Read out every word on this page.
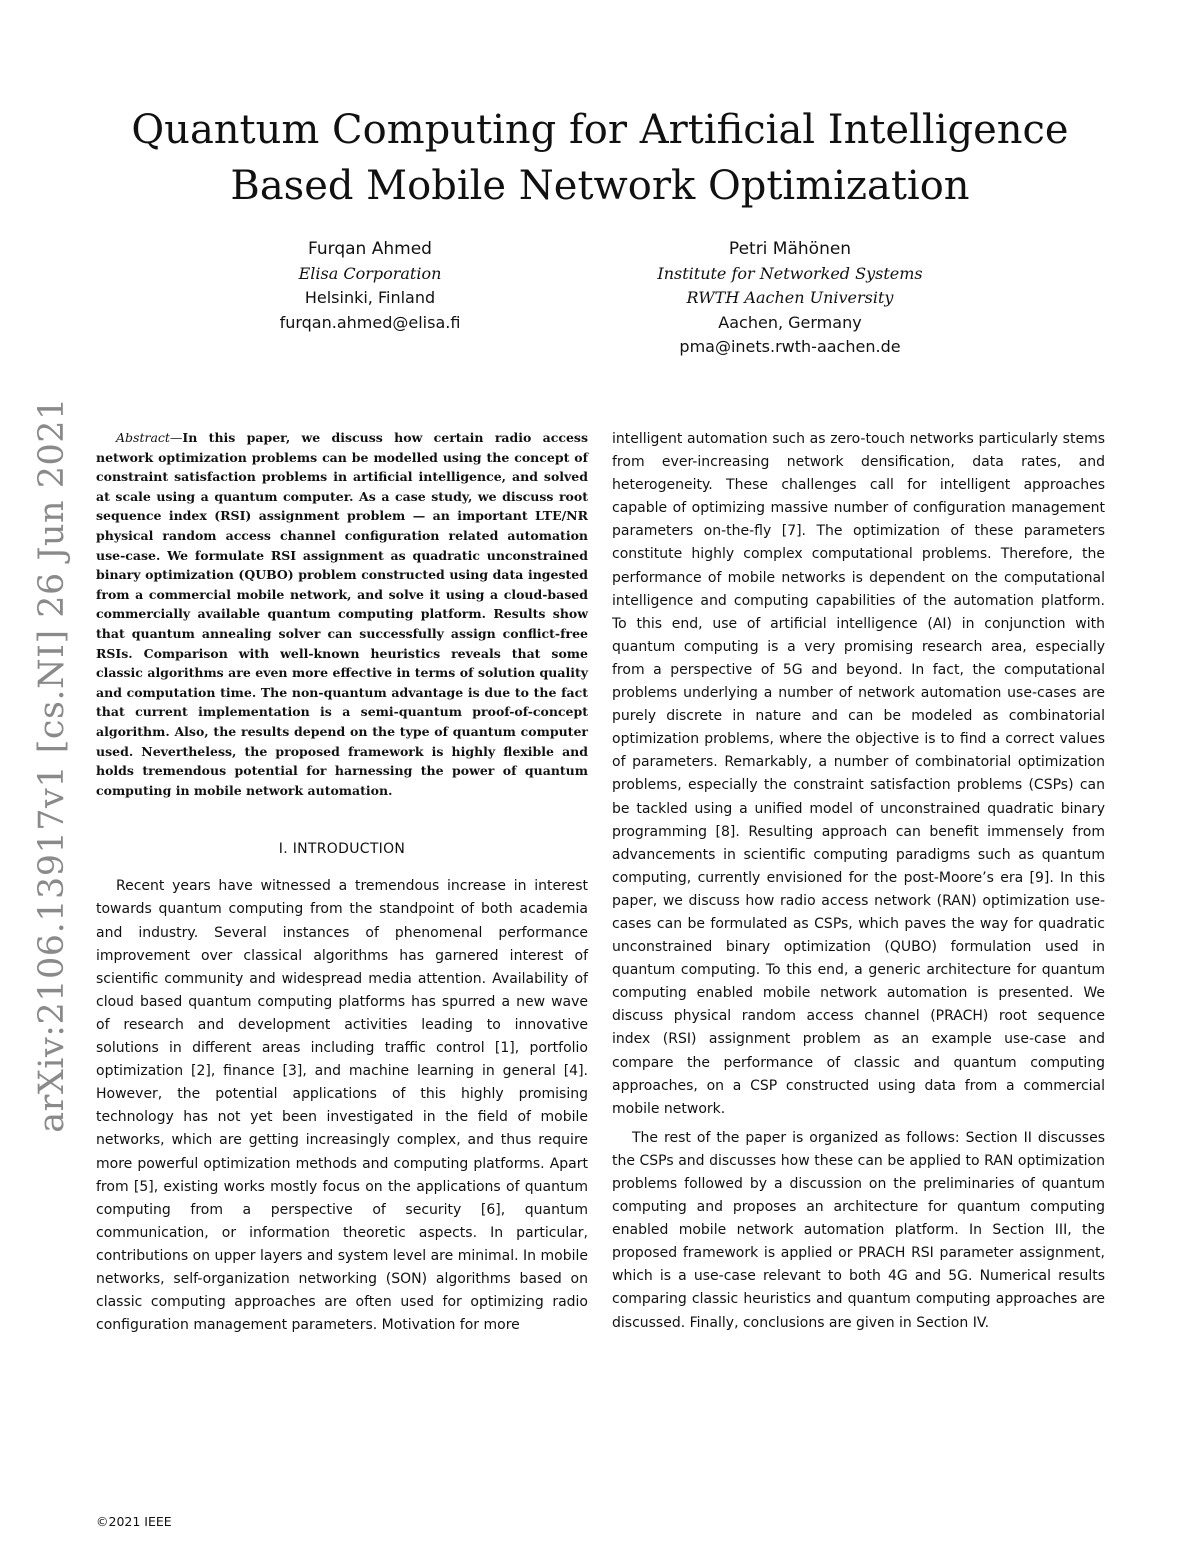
Quantum Computing for Artificial Intelligence
Based Mobile Network Optimization
Furqan Ahmed
Elisa Corporation
Helsinki, Finland
furqan.ahmed@elisa.fi
Petri Mähönen
Institute for Networked Systems
RWTH Aachen University
Aachen, Germany
pma@inets.rwth-aachen.de
arXiv:2106.13917v1 [cs.NI] 26 Jun 2021	Abstract—In this paper, we discuss how certain radio access network optimization problems can be modelled using the concept of constraint satisfaction problems in artificial intelligence, and solved at scale using a quantum computer. As a case study, we discuss root sequence index (RSI) assignment problem — an important LTE/NR physical random access channel configuration related automation use-case. We formulate RSI assignment as quadratic unconstrained binary optimization (QUBO) problem constructed using data ingested from a commercial mobile network, and solve it using a cloud-based commercially available quantum computing platform. Results show that quantum annealing solver can successfully assign conflict-free RSIs. Comparison with well-known heuristics reveals that some classic algorithms are even more effective in terms of solution quality and computation time. The non-quantum advantage is due to the fact that current implementation is a semi-quantum proof-of-concept algorithm. Also, the results depend on the type of quantum computer used. Nevertheless, the proposed framework is highly flexible and holds tremendous potential for harnessing the power of quantum computing in mobile network automation.

I. INTRODUCTION

Recent years have witnessed a tremendous increase in interest towards quantum computing from the standpoint of both academia and industry. Several instances of phenomenal performance improvement over classical algorithms has garnered interest of scientific community and widespread media attention. Availability of cloud based quantum computing platforms has spurred a new wave of research and development activities leading to innovative solutions in different areas including traffic control [1], portfolio optimization [2], finance [3], and machine learning in general [4]. However, the potential applications of this highly promising technology has not yet been investigated in the field of mobile networks, which are getting increasingly complex, and thus require more powerful optimization methods and computing platforms. Apart from [5], existing works mostly focus on the applications of quantum computing from a perspective of security [6], quantum communication, or information theoretic aspects. In particular, contributions on upper layers and system level are minimal. In mobile networks, self-organization networking (SON) algorithms based on classic computing approaches are often used for optimizing radio configuration management parameters. Motivation for more

intelligent automation such as zero-touch networks particularly stems from ever-increasing network densification, data rates, and heterogeneity. These challenges call for intelligent approaches capable of optimizing massive number of configuration management parameters on-the-fly [7]. The optimization of these parameters constitute highly complex computational problems. Therefore, the performance of mobile networks is dependent on the computational intelligence and computing capabilities of the automation platform. To this end, use of artificial intelligence (AI) in conjunction with quantum computing is a very promising research area, especially from a perspective of 5G and beyond. In fact, the computational problems underlying a number of network automation use-cases are purely discrete in nature and can be modeled as combinatorial optimization problems, where the objective is to find a correct values of parameters. Remarkably, a number of combinatorial optimization problems, especially the constraint satisfaction problems (CSPs) can be tackled using a unified model of unconstrained quadratic binary programming [8]. Resulting approach can benefit immensely from advancements in scientific computing paradigms such as quantum computing, currently envisioned for the post-Moore’s era [9]. In this paper, we discuss how radio access network (RAN) optimization use-cases can be formulated as CSPs, which paves the way for quadratic unconstrained binary optimization (QUBO) formulation used in quantum computing. To this end, a generic architecture for quantum computing enabled mobile network automation is presented. We discuss physical random access channel (PRACH) root sequence index (RSI) assignment problem as an example use-case and compare the performance of classic and quantum computing approaches, on a CSP constructed using data from a commercial mobile network.

The rest of the paper is organized as follows: Section II discusses the CSPs and discusses how these can be applied to RAN optimization problems followed by a discussion on the preliminaries of quantum computing and proposes an architecture for quantum computing enabled mobile network automation platform. In Section III, the proposed framework is applied or PRACH RSI parameter assignment, which is a use-case relevant to both 4G and 5G. Numerical results comparing classic heuristics and quantum computing approaches are discussed. Finally, conclusions are given in Section IV.

©2021 IEEE
